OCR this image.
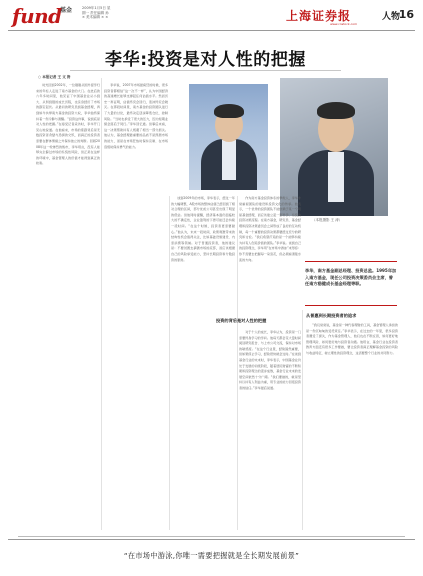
fund
基金	2009年1月5日 星期一 责任编辑 孙 × 美术编辑 × ×	上海证券报
www.cnstock.com
人物
16
李华:投资是对人性的把握
○ 本报记者 王 文 涛
（本报摄影 王 涛）
李华，南方基金副总经理、投资总监。1995年加入南方基金，现任公司投资决策委员会主席，曾任南方稳健成长基金经理等职。

时光回到2002年，一位刚刚从国外留学归来的年轻人走进了南方基金的大门。在此后的六年多时间里，他见证了中国基金业从小到大、从弱到强的成长历程，也亲身经历了市场的跌宕起伏。从最初的研究员到基金经理，再到如今执掌南方基金的投资大权，李华始终保持着一份冷静与清醒。“投资这件事，说到底是对人性的把握。”在接受记者采访时，李华开门见山地说道。在他看来，市场的涨跌背后是无数投资者贪婪与恐惧的交织，而真正的投资者需要在群体情绪之外保持独立的判断。回顾2008年这一轮惨烈的熊市，李华坦言，没有人能够完全躲过市场的系统性风险，但正是在这样的环境中，基金管理人的价值才能得到真正的检验。

李华说，2007年市场最疯狂的时候，很多投资者都相信“这一次不一样”，认为中国经济的高速增长能够支撑起任何估值水平。然而历史一再证明，估值终究会回归，泡沫终究会破灭。在那段时间里，南方基金的投资团队进行了大量的讨论，最终决定逐步降低仓位，控制风险。“当时也承受了很大的压力，因为短期业绩会落后于同行。”李华回忆道。但事后来看，这一决策帮助持有人规避了相当一部分损失。他认为，基金经理最重要的品质不是预测市场的能力，而是在市场狂热时保持克制、在市场恐慌时保持勇气的能力。

谈到2009年的市场，李华表示，经过一年的大幅调整，A股市场的整体估值已经回到了相对合理的区间，部分优质公司甚至出现了明显的低估。但他同时提醒，经济基本面仍面临较大的不确定性，企业盈利的下滑可能还会持续一段时间。“在这个时候，投资者更需要耐心。”他认为，未来一段时间，政策刺激带来的结构性机会值得关注，比如基础设施建设、内需消费等领域。对于普通投资者，他的建议是：不要试图去猜测市场的底部，而应该根据自己的风险承受能力，坚持长期投资和分散投资的原则。

投资的背后是对人性的把握

作为南方基金投资体系的掌舵人，李华非常重视团队的建设和投资文化的传承。他表示，一个优秀的投资团队不能依赖于某一个明星基金经理，而应该建立起一套科学、系统的投资决策流程。在南方基金，研究员、基金经理和投资决策委员会之间形成了良好的互动机制，每一个重要的投资决策都要经过充分的研究和讨论。“我们希望打造的是一个能够持续为持有人创造价值的团队。”李华说。谈到自己的投资理念，李华用“在市场中游泳”来形容：你不需要去把握每一朵浪花，但必须看清楚水流的方向。

对于个人的成长，李华认为，投资是一门需要终身学习的学问。他每天都会花大量时间阅读研究报告、与上市公司交流，保持对市场的敏感度。“在这个行业里，经验固然重要，但如果停止学习，经验很快就会过时。”在谈到基金行业的未来时，李华表示，中国基金业仍处于发展的初级阶段，随着居民财富的不断积累和投资理念的逐步成熟，基金行业未来的发展空间依然十分广阔。“我们要做的，就是坚持以持有人利益为重，用专业的能力回报投资者的信任。”李华最后说道。

从普惠到长期投资者的追求

“我们常常说，基金是一种代客理财的工具，基金管理人承担的是一份沉甸甸的受托责任。”李华表示，在过去的一年里，很多投资者遭受了损失，作为基金管理人，他们也在不断反思，如何更好地管理风险、如何更好地与投资者沟通。他坦言，基金行业在投资者教育方面还有很多工作要做，要让投资者真正理解基金投资的风险与收益特征，树立理性的投资理念，这需要整个行业的共同努力。

“在市场中游泳,你唯一需要把握就是全长期发展前景”
